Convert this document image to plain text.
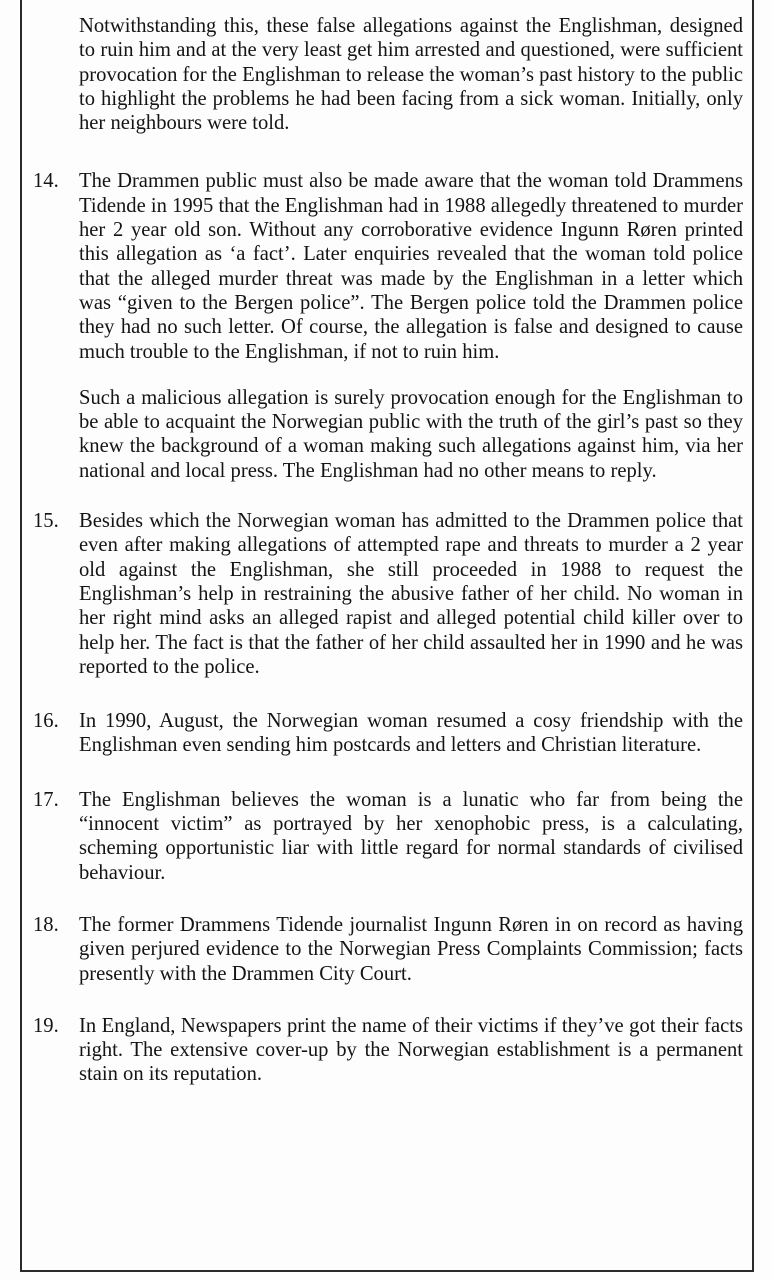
Notwithstanding this, these false allegations against the Englishman, designed to ruin him and at the very least get him arrested and questioned, were sufficient provocation for the Englishman to release the woman’s past history to the public to highlight the problems he had been facing from a sick woman. Initially, only her neighbours were told.

14. The Drammen public must also be made aware that the woman told Drammens Tidende in 1995 that the Englishman had in 1988 allegedly threatened to murder her 2 year old son. Without any corroborative evidence Ingunn Røren printed this allegation as ‘a fact’. Later enquiries revealed that the woman told police that the alleged murder threat was made by the Englishman in a letter which was “given to the Bergen police”. The Bergen police told the Drammen police they had no such letter. Of course, the allegation is false and designed to cause much trouble to the Englishman, if not to ruin him.

Such a malicious allegation is surely provocation enough for the Englishman to be able to acquaint the Norwegian public with the truth of the girl’s past so they knew the background of a woman making such allegations against him, via her national and local press. The Englishman had no other means to reply.

15. Besides which the Norwegian woman has admitted to the Drammen police that even after making allegations of attempted rape and threats to murder a 2 year old against the Englishman, she still proceeded in 1988 to request the Englishman’s help in restraining the abusive father of her child. No woman in her right mind asks an alleged rapist and alleged potential child killer over to help her. The fact is that the father of her child assaulted her in 1990 and he was reported to the police.
16. In 1990, August, the Norwegian woman resumed a cosy friendship with the Englishman even sending him postcards and letters and Christian literature.
17. The Englishman believes the woman is a lunatic who far from being the “innocent victim” as portrayed by her xenophobic press, is a calculating, scheming opportunistic liar with little regard for normal standards of civilised behaviour.
18. The former Drammens Tidende journalist Ingunn Røren in on record as having given perjured evidence to the Norwegian Press Complaints Commission; facts presently with the Drammen City Court.
19. In England, Newspapers print the name of their victims if they’ve got their facts right. The extensive cover-up by the Norwegian establishment is a permanent stain on its reputation.
